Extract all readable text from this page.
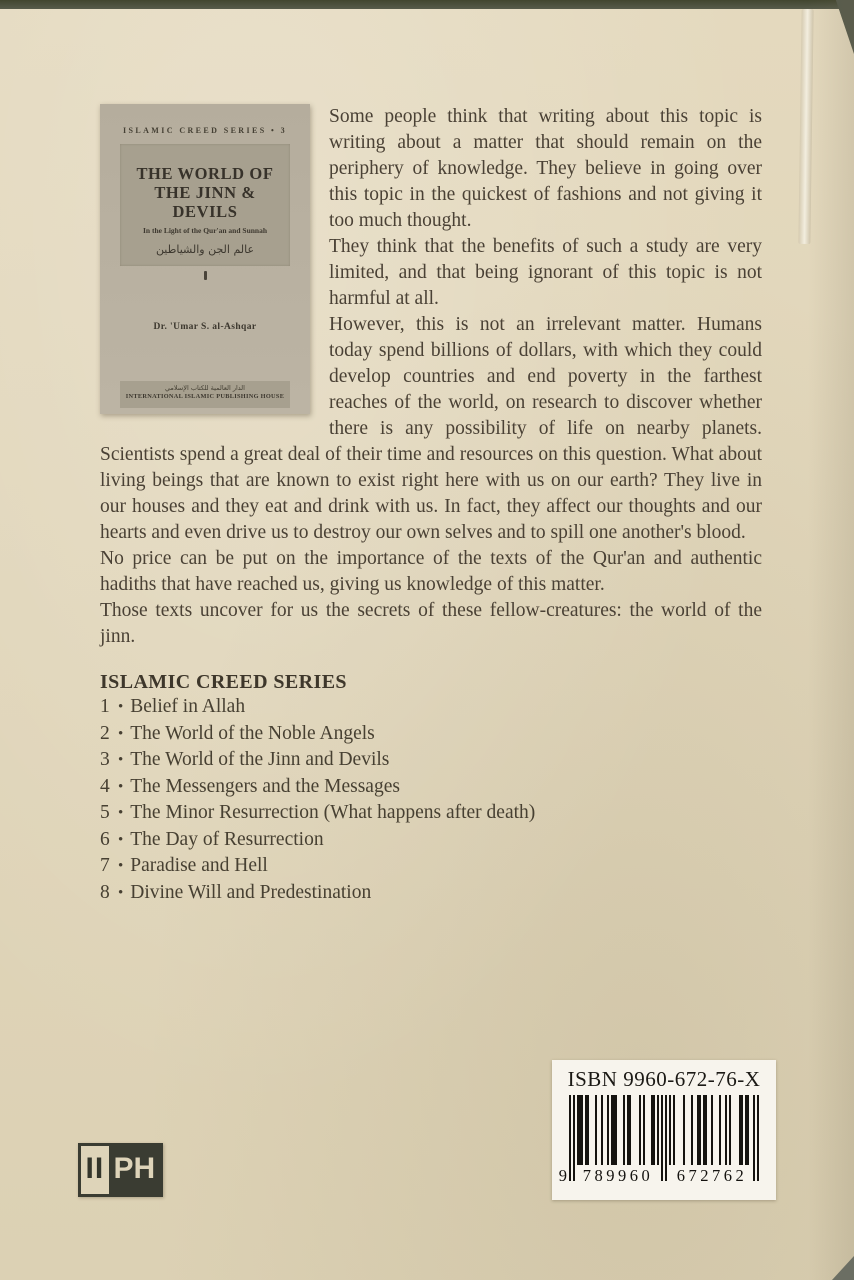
ISLAMIC CREED SERIES • 3
THE WORLD OF
THE JINN & DEVILS
In the Light of the Qur'an and Sunnah
عالم الجن والشياطين
Dr. 'Umar S. al-Ashqar
الدار العالمية للكتاب الإسلامي
INTERNATIONAL ISLAMIC PUBLISHING HOUSE

Some people think that writing about this topic is writing about a matter that should remain on the periphery of knowledge. They believe in going over this topic in the quickest of fashions and not giving it too much thought.

They think that the benefits of such a study are very limited, and that being ignorant of this topic is not harmful at all.

However, this is not an irrelevant matter. Humans today spend billions of dollars, with which they could develop countries and end poverty in the farthest reaches of the world, on research to discover whether there is any possibility of life on nearby planets. Scientists spend a great deal of their time and resources on this question. What about living beings that are known to exist right here with us on our earth? They live in our houses and they eat and drink with us. In fact, they affect our thoughts and our hearts and even drive us to destroy our own selves and to spill one another's blood.

No price can be put on the importance of the texts of the Qur'an and authentic hadiths that have reached us, giving us knowledge of this matter.

Those texts uncover for us the secrets of these fellow-creatures: the world of the jinn.

ISLAMIC CREED SERIES
1 • Belief in Allah
2 • The World of the Noble Angels
3 • The World of the Jinn and Devils
4 • The Messengers and the Messages
5 • The Minor Resurrection (What happens after death)
6 • The Day of Resurrection
7 • Paradise and Hell
8 • Divine Will and Predestination
II PH
ISBN 9960-672-76-X
9 789960	672762
